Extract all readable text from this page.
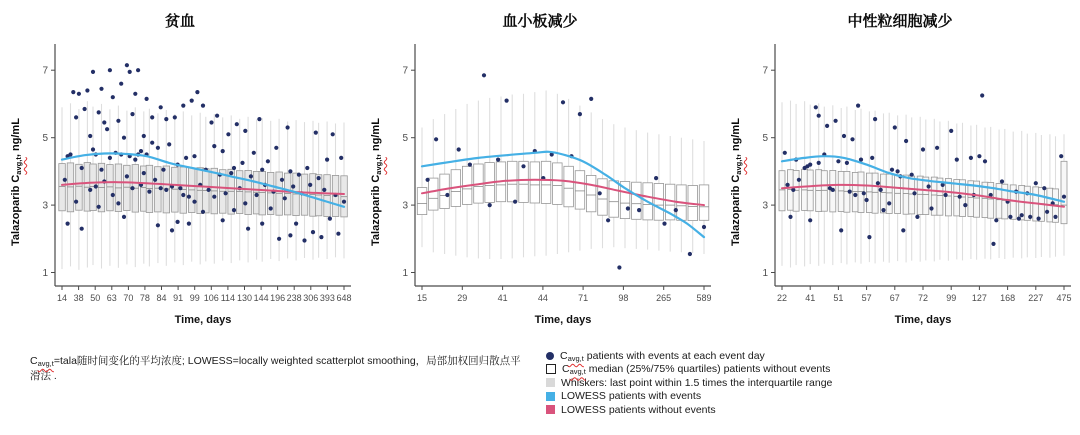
贫血
Talazoparib Cavg,t, ng/mL
1
3
5
7
14 38 50 63 70 78 84 91 99 106 114 130 144 196 238 306 393 648
Time, days
血小板减少
Talazoparib Cavg,t, ng/mL
1
3
5
7
15	29	41	44	71	98	265	589
Time, days
中性粒细胞减少
Talazoparib Cavg,t, ng/mL
1
3
5
7
22 41 51 57 67 72 99 127 168 227 475
Time, days
Cavg,t=tala随时间变化的平均浓度; LOWESS=locally weighted scatterplot smoothing，局部加权回归散点平滑法 .
Cavg,t patients with events at each event day
Cavg,t median (25%/75% quartiles) patients without events
Whiskers: last point within 1.5 times the interquartile range
LOWESS patients with events
LOWESS patients without events
